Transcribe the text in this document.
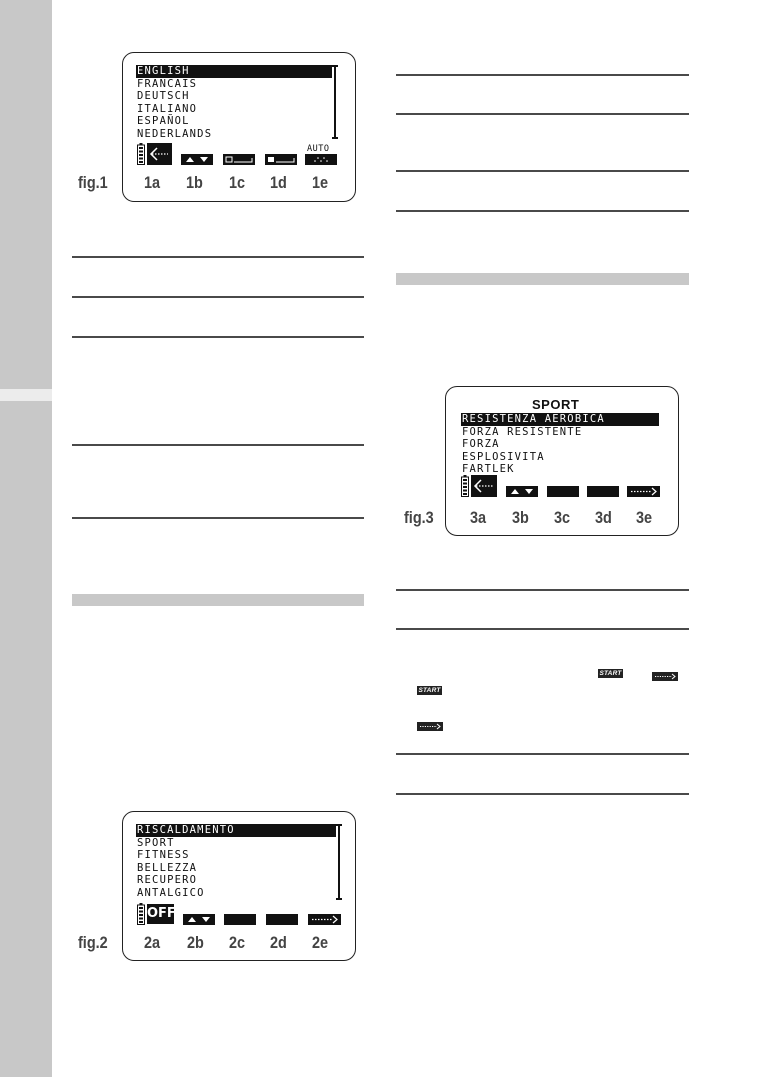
fig.1
ENGLISH
FRANCAIS
DEUTSCH
ITALIANO
ESPAÑOL
NEDERLANDS
AUTO
1a 1b 1c 1d 1e
fig.2
RISCALDAMENTO
SPORT
FITNESS
BELLEZZA
RECUPERO
ANTALGICO
OFF
2a 2b 2c 2d 2e
fig.3
SPORT
RESISTENZA AEROBICA
FORZA RESISTENTE
FORZA
ESPLOSIVITA
FARTLEK
3a 3b 3c 3d 3e
START
START
